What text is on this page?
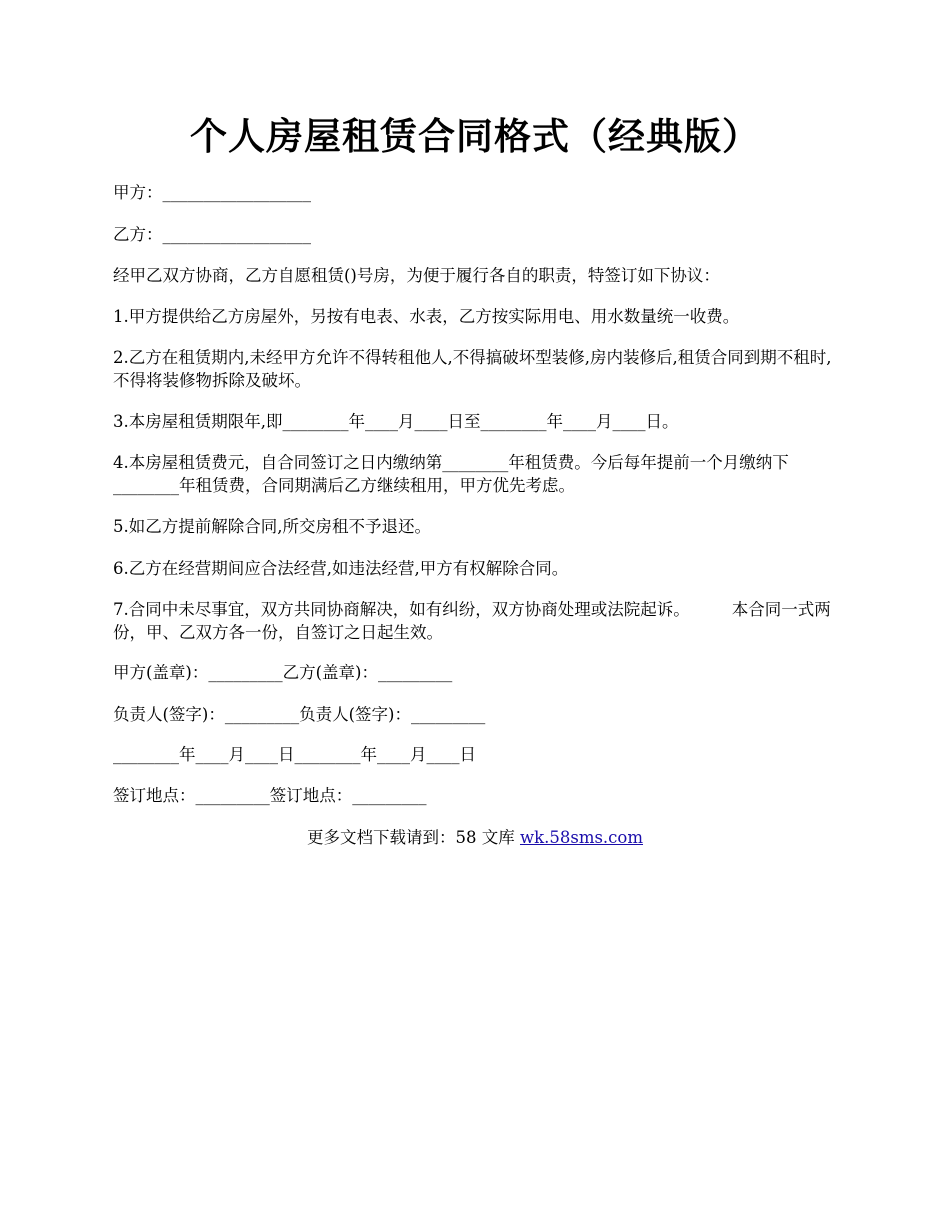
个人房屋租赁合同格式（经典版）

甲方：__________________

乙方：__________________

经甲乙双方协商，乙方自愿租赁()号房，为便于履行各自的职责，特签订如下协议：

1.甲方提供给乙方房屋外，另按有电表、水表，乙方按实际用电、用水数量统一收费。

2.乙方在租赁期内,未经甲方允许不得转租他人,不得搞破坏型装修,房内装修后,租赁合同到期不租时,不得将装修物拆除及破坏。

3.本房屋租赁期限年,即________年____月____日至________年____月____日。

4.本房屋租赁费元，自合同签订之日内缴纳第________年租赁费。今后每年提前一个月缴纳下________年租赁费，合同期满后乙方继续租用，甲方优先考虑。

5.如乙方提前解除合同,所交房租不予退还。

6.乙方在经营期间应合法经营,如违法经营,甲方有权解除合同。

7.合同中未尽事宜，双方共同协商解决，如有纠纷，双方协商处理或法院起诉。        本合同一式两份，甲、乙双方各一份，自签订之日起生效。

甲方(盖章)：_________乙方(盖章)：_________

负责人(签字)：_________负责人(签字)：_________

________年____月____日________年____月____日

签订地点：_________签订地点：_________

更多文档下载请到：58 文库 wk.58sms.com
